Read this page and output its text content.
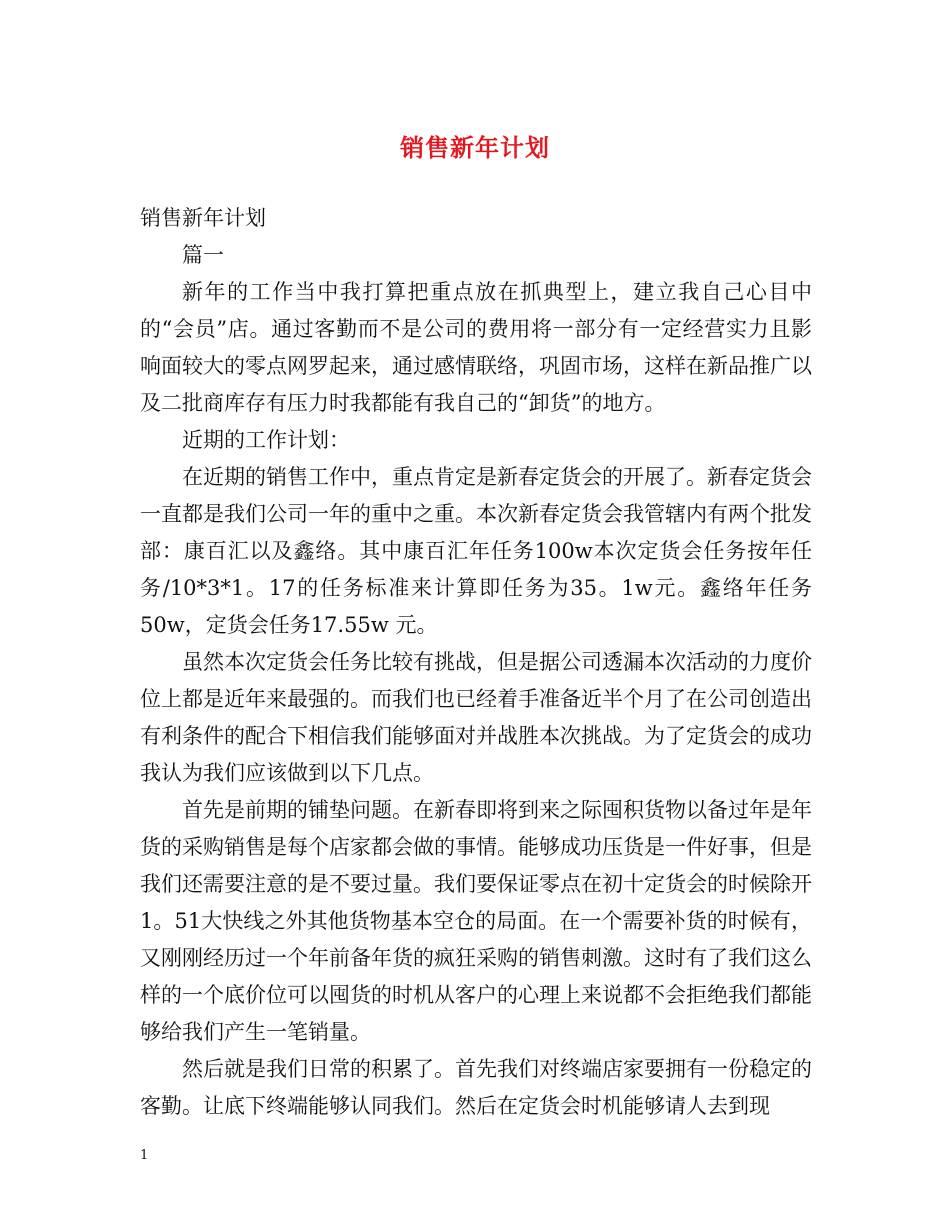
销售新年计划

销售新年计划

篇一

新年的工作当中我打算把重点放在抓典型上，建立我自己心目中的“会员”店。通过客勤而不是公司的费用将一部分有一定经营实力且影响面较大的零点网罗起来，通过感情联络，巩固市场，这样在新品推广以及二批商库存有压力时我都能有我自己的“卸货”的地方。

近期的工作计划：

在近期的销售工作中，重点肯定是新春定货会的开展了。新春定货会一直都是我们公司一年的重中之重。本次新春定货会我管辖内有两个批发部：康百汇以及鑫络。其中康百汇年任务100w本次定货会任务按年任务/10*3*1。17的任务标准来计算即任务为35。1w元。鑫络年任务50w，定货会任务17.55w 元。

虽然本次定货会任务比较有挑战，但是据公司透漏本次活动的力度价位上都是近年来最强的。而我们也已经着手准备近半个月了在公司创造出有利条件的配合下相信我们能够面对并战胜本次挑战。为了定货会的成功我认为我们应该做到以下几点。

首先是前期的铺垫问题。在新春即将到来之际囤积货物以备过年是年货的采购销售是每个店家都会做的事情。能够成功压货是一件好事，但是我们还需要注意的是不要过量。我们要保证零点在初十定货会的时候除开1。51大快线之外其他货物基本空仓的局面。在一个需要补货的时候有，又刚刚经历过一个年前备年货的疯狂采购的销售刺激。这时有了我们这么样的一个底价位可以囤货的时机从客户的心理上来说都不会拒绝我们都能够给我们产生一笔销量。

然后就是我们日常的积累了。首先我们对终端店家要拥有一份稳定的客勤。让底下终端能够认同我们。然后在定货会时机能够请人去到现

1
